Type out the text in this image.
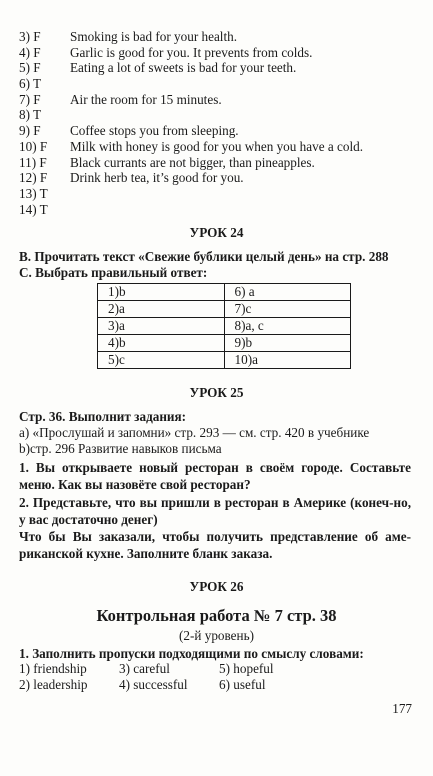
3) F	Smoking is bad for your health.
4) F	Garlic is good for you. It prevents from colds.
5) F	Eating a lot of sweets is bad for your teeth.
6) T
7) F	Air the room for 15 minutes.
8) T
9) F	Coffee stops you from sleeping.
10) F	Milk with honey is good for you when you have a cold.
11) F	Black currants are not bigger, than pineapples.
12) F	Drink herb tea, it’s good for you.
13) T
14) T
УРОК 24
B. Прочитать текст «Свежие бублики целый день» на стр. 288
C. Выбрать правильный ответ:
1)b	6) a
2)a	7)c
3)a	8)a, c
4)b	9)b
5)c	10)a
УРОК 25
Стр. 36. Выполнит задания:
а) «Прослушай и запомни» стр. 293 — см. стр. 420 в учебнике
b)стр. 296 Развитие навыков письма
1. Вы открываете новый ресторан в своём городе. Составьте меню. Как вы назовёте свой ресторан?
2. Представьте, что вы пришли в ресторан в Америке (конеч-но, у вас достаточно денег)
Что бы Вы заказали, чтобы получить представление об аме-риканской кухне. Заполните бланк заказа.
УРОК 26
Контрольная работа № 7 стр. 38
(2-й уровень)
1. Заполнить пропуски подходящими по смыслу словами:
1) friendship	3) careful	5) hopeful
2) leadership	4) successful	6) useful
177
